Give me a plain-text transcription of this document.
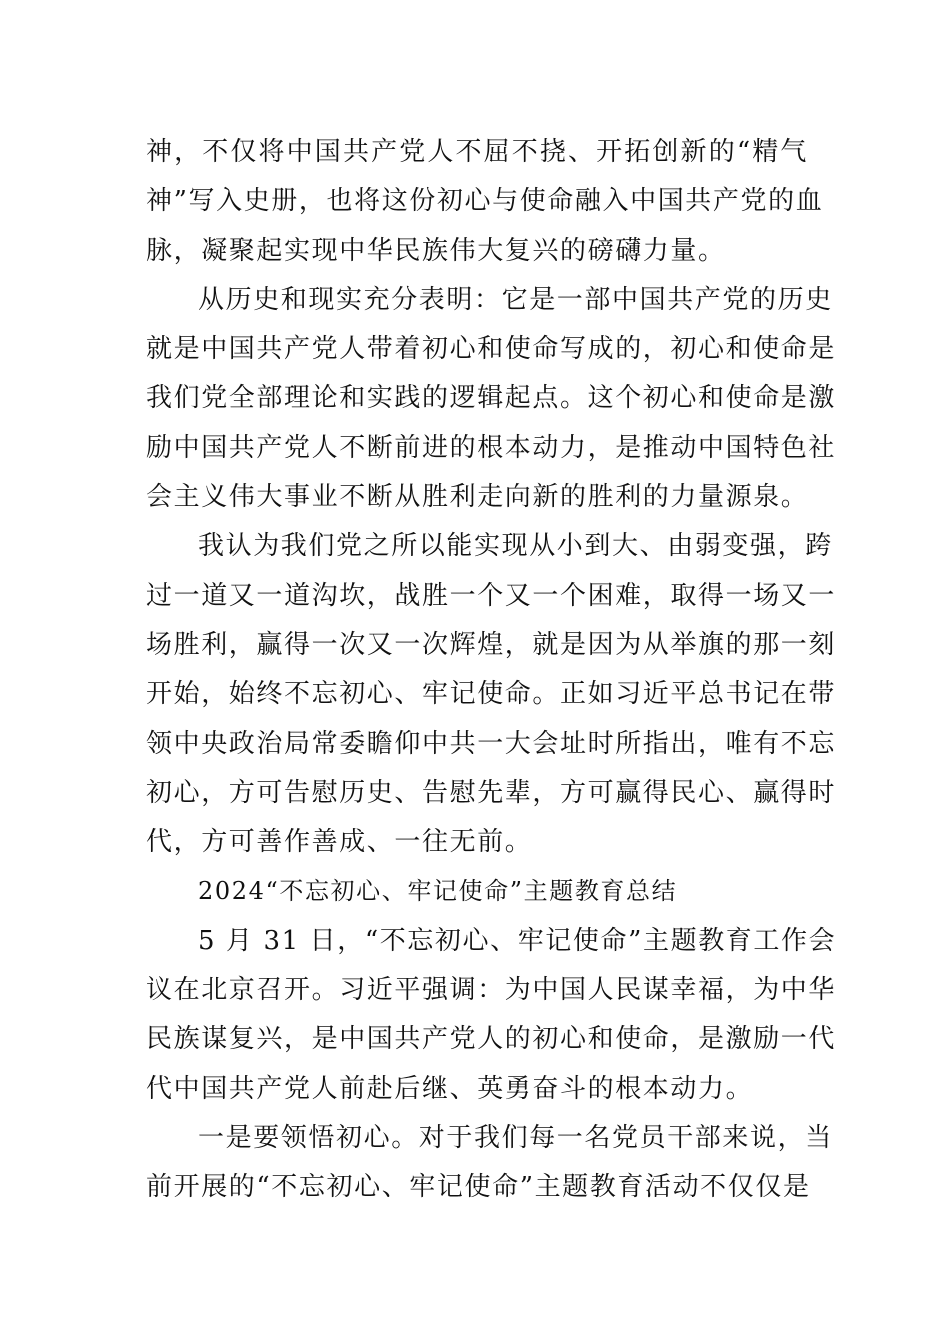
神，不仅将中国共产党人不屈不挠、开拓创新的“精气
神”写入史册，也将这份初心与使命融入中国共产党的血
脉，凝聚起实现中华民族伟大复兴的磅礴力量。
从历史和现实充分表明：它是一部中国共产党的历史
就是中国共产党人带着初心和使命写成的，初心和使命是
我们党全部理论和实践的逻辑起点。这个初心和使命是激
励中国共产党人不断前进的根本动力，是推动中国特色社
会主义伟大事业不断从胜利走向新的胜利的力量源泉。
我认为我们党之所以能实现从小到大、由弱变强，跨
过一道又一道沟坎，战胜一个又一个困难，取得一场又一
场胜利，赢得一次又一次辉煌，就是因为从举旗的那一刻
开始，始终不忘初心、牢记使命。正如习近平总书记在带
领中央政治局常委瞻仰中共一大会址时所指出，唯有不忘
初心，方可告慰历史、告慰先辈，方可赢得民心、赢得时
代，方可善作善成、一往无前。
2024“不忘初心、牢记使命”主题教育总结
5 月 31 日，“不忘初心、牢记使命”主题教育工作会
议在北京召开。习近平强调：为中国人民谋幸福，为中华
民族谋复兴，是中国共产党人的初心和使命，是激励一代
代中国共产党人前赴后继、英勇奋斗的根本动力。
一是要领悟初心。对于我们每一名党员干部来说，当
前开展的“不忘初心、牢记使命”主题教育活动不仅仅是
